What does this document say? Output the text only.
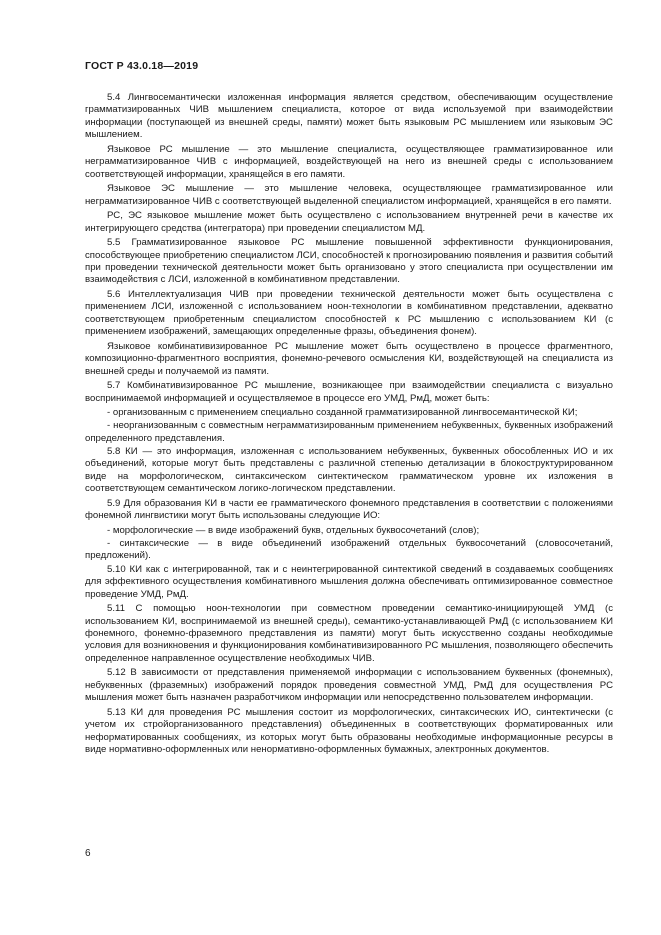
ГОСТ Р 43.0.18—2019

5.4 Лингвосемантически изложенная информация является средством, обеспечивающим осуществление грамматизированных ЧИВ мышлением специалиста, которое от вида используемой при взаимодействии информации (поступающей из внешней среды, памяти) может быть языковым РС мышлением или языковым ЭС мышлением.

Языковое РС мышление — это мышление специалиста, осуществляющее грамматизированное или неграмматизированное ЧИВ с информацией, воздействующей на него из внешней среды с использованием соответствующей информации, хранящейся в его памяти.

Языковое ЭС мышление — это мышление человека, осуществляющее грамматизированное или неграмматизированное ЧИВ с соответствующей выделенной специалистом информацией, хранящейся в его памяти.

РС, ЭС языковое мышление может быть осуществлено с использованием внутренней речи в качестве их интегрирующего средства (интегратора) при проведении специалистом МД.

5.5 Грамматизированное языковое РС мышление повышенной эффективности функционирования, способствующее приобретению специалистом ЛСИ, способностей к прогнозированию появления и развития событий при проведении технической деятельности может быть организовано у этого специалиста при осуществлении им взаимодействия с ЛСИ, изложенной в комбинативном представлении.

5.6 Интеллектуализация ЧИВ при проведении технической деятельности может быть осуществлена с применением ЛСИ, изложенной с использованием ноон-технологии в комбинативном представлении, адекватно соответствующем приобретенным специалистом способностей к РС мышлению с использованием КИ (с применением изображений, замещающих определенные фразы, объединения фонем).

Языковое комбинативизированное РС мышление может быть осуществлено в процессе фрагментного, композиционно-фрагментного восприятия, фонемно-речевого осмысления КИ, воздействующей на специалиста из внешней среды и получаемой из памяти.

5.7 Комбинативизированное РС мышление, возникающее при взаимодействии специалиста с визуально воспринимаемой информацией и осуществляемое в процессе его УМД, РмД, может быть:

- организованным с применением специально созданной грамматизированной лингвосемантической КИ;

- неорганизованным с совместным неграмматизированным применением небуквенных, буквенных изображений определенного представления.

5.8 КИ — это информация, изложенная с использованием небуквенных, буквенных обособленных ИО и их объединений, которые могут быть представлены с различной степенью детализации в блокоструктурированном виде на морфологическом, синтаксическом синтектическом грамматическом уровне их изложения в соответствующем семантическом логико-логическом представлении.

5.9 Для образования КИ в части ее грамматического фонемного представления в соответствии с положениями фонемной лингвистики могут быть использованы следующие ИО:

- морфологические — в виде изображений букв, отдельных буквосочетаний (слов);

- синтаксические — в виде объединений изображений отдельных буквосочетаний (словосочетаний, предложений).

5.10 КИ как с интегрированной, так и с неинтегрированной синтектикой сведений в создаваемых сообщениях для эффективного осуществления комбинативного мышления должна обеспечивать оптимизированное совместное проведение УМД, РмД.

5.11 С помощью ноон-технологии при совместном проведении семантико-инициирующей УМД (с использованием КИ, воспринимаемой из внешней среды), семантико-устанавливающей РмД (с использованием КИ фонемного, фонемно-фраземного представления из памяти) могут быть искусственно созданы необходимые условия для возникновения и функционирования комбинативизированного РС мышления, позволяющего обеспечить определенное направленное осуществление необходимых ЧИВ.

5.12 В зависимости от представления применяемой информации с использованием буквенных (фонемных), небуквенных (фраземных) изображений порядок проведения совместной УМД, РмД для осуществления РС мышления может быть назначен разработчиком информации или непосредственно пользователем информации.

5.13 КИ для проведения РС мышления состоит из морфологических, синтаксических ИО, синтектически (с учетом их стройорганизованного представления) объединенных в соответствующих форматированных или неформатированных сообщениях, из которых могут быть образованы необходимые информационные ресурсы в виде нормативно-оформленных или ненормативно-оформленных бумажных, электронных документов.

6
